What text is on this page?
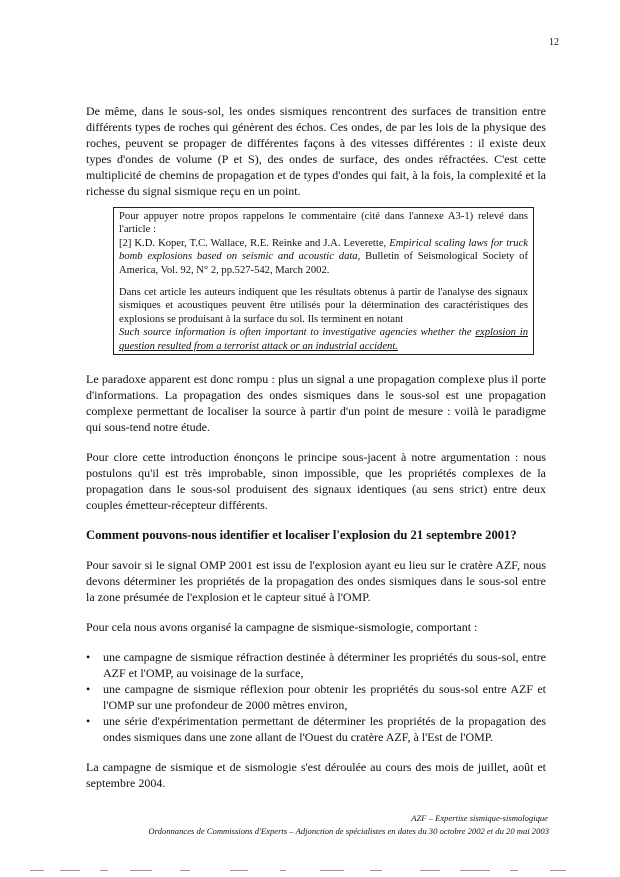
12

De même, dans le sous-sol, les ondes sismiques rencontrent des surfaces de transition entre différents types de roches qui génèrent des échos. Ces ondes, de par les lois de la physique des roches, peuvent se propager de différentes façons à des vitesses différentes : il existe deux types d'ondes de volume (P et S), des ondes de surface, des ondes réfractées. C'est cette multiplicité de chemins de propagation et de types d'ondes qui fait, à la fois, la complexité et la richesse du signal sismique reçu en un point.

Pour appuyer notre propos rappelons le commentaire (cité dans l'annexe A3-1) relevé dans l'article :

[2] K.D. Koper, T.C. Wallace, R.E. Reinke and J.A. Leverette, Empirical scaling laws for truck bomb explosions based on seismic and acoustic data, Bulletin of Seismological Society of America, Vol. 92, N° 2, pp.527-542, March 2002.

Dans cet article les auteurs indiquent que les résultats obtenus à partir de l'analyse des signaux sismiques et acoustiques peuvent être utilisés pour la détermination des caractéristiques des explosions se produisant à la surface du sol. Ils terminent en notant

Such source information is often important to investigative agencies whether the explosion in question resulted from a terrorist attack or an industrial accident.

Le paradoxe apparent est donc rompu : plus un signal a une propagation complexe plus il porte d'informations. La propagation des ondes sismiques dans le sous-sol est une propagation complexe permettant de localiser la source à partir d'un point de mesure : voilà le paradigme qui sous-tend notre étude.

Pour clore cette introduction énonçons le principe sous-jacent à notre argumentation : nous postulons qu'il est très improbable, sinon impossible, que les propriétés complexes de la propagation dans le sous-sol produisent des signaux identiques (au sens strict) entre deux couples émetteur-récepteur différents.

Comment pouvons-nous identifier et localiser l'explosion du 21 septembre 2001?

Pour savoir si le signal OMP 2001 est issu de l'explosion ayant eu lieu sur le cratère AZF, nous devons déterminer les propriétés de la propagation des ondes sismiques dans le sous-sol entre la zone présumée de l'explosion et le capteur situé à l'OMP.

Pour cela nous avons organisé la campagne de sismique-sismologie, comportant :

• une campagne de sismique réfraction destinée à déterminer les propriétés du sous-sol, entre AZF et l'OMP, au voisinage de la surface,
• une campagne de sismique réflexion pour obtenir les propriétés du sous-sol entre AZF et l'OMP sur une profondeur de 2000 mètres environ,
• une série d'expérimentation permettant de déterminer les propriétés de la propagation des ondes sismiques dans une zone allant de l'Ouest du cratère AZF, à l'Est de l'OMP.

La campagne de sismique et de sismologie s'est déroulée au cours des mois de juillet, août et septembre 2004.

AZF – Expertise sismique-sismologique
Ordonnances de Commissions d'Experts – Adjonction de spécialistes en dates du 30 octobre 2002 et du 20 mai 2003
